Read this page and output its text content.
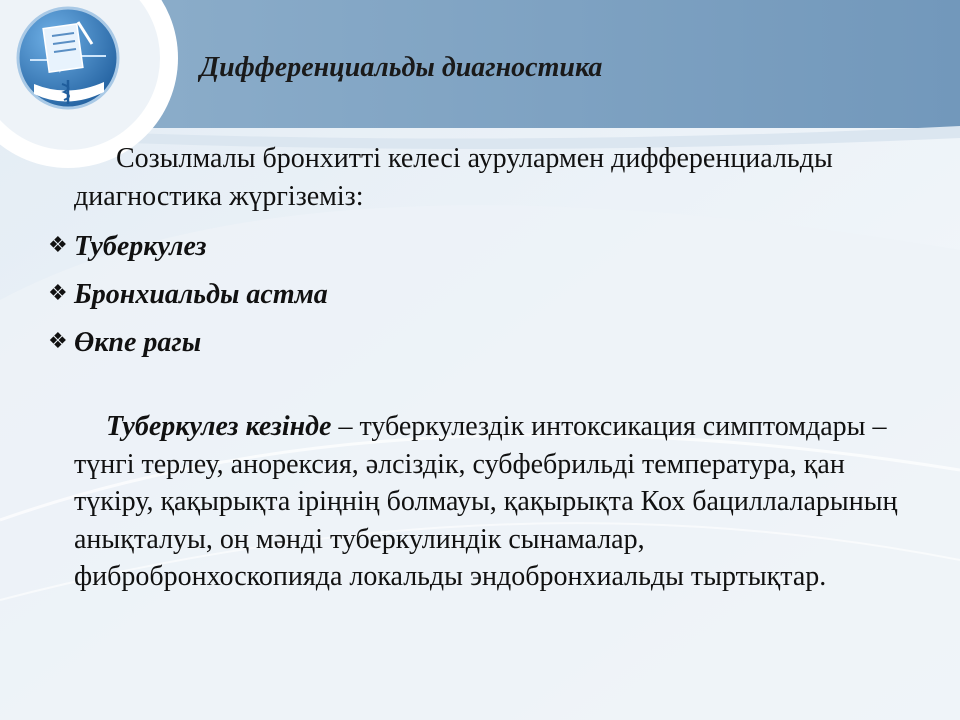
Дифференциальды диагностика

Созылмалы бронхитті келесі аурулармен дифференциальды диагностика жүргіземіз:

❖ Туберкулез
❖ Бронхиальды астма
❖ Өкпе рагы

Туберкулез кезінде – туберкулездік интоксикация симптомдары – түнгі терлеу, анорексия, әлсіздік, субфебрильді температура, қан түкіру, қақырықта іріңнің болмауы, қақырықта Кох бациллаларының анықталуы, оң мәнді туберкулиндік сынамалар, фибробронхоскопияда локальды эндобронхиальды тыртықтар.
